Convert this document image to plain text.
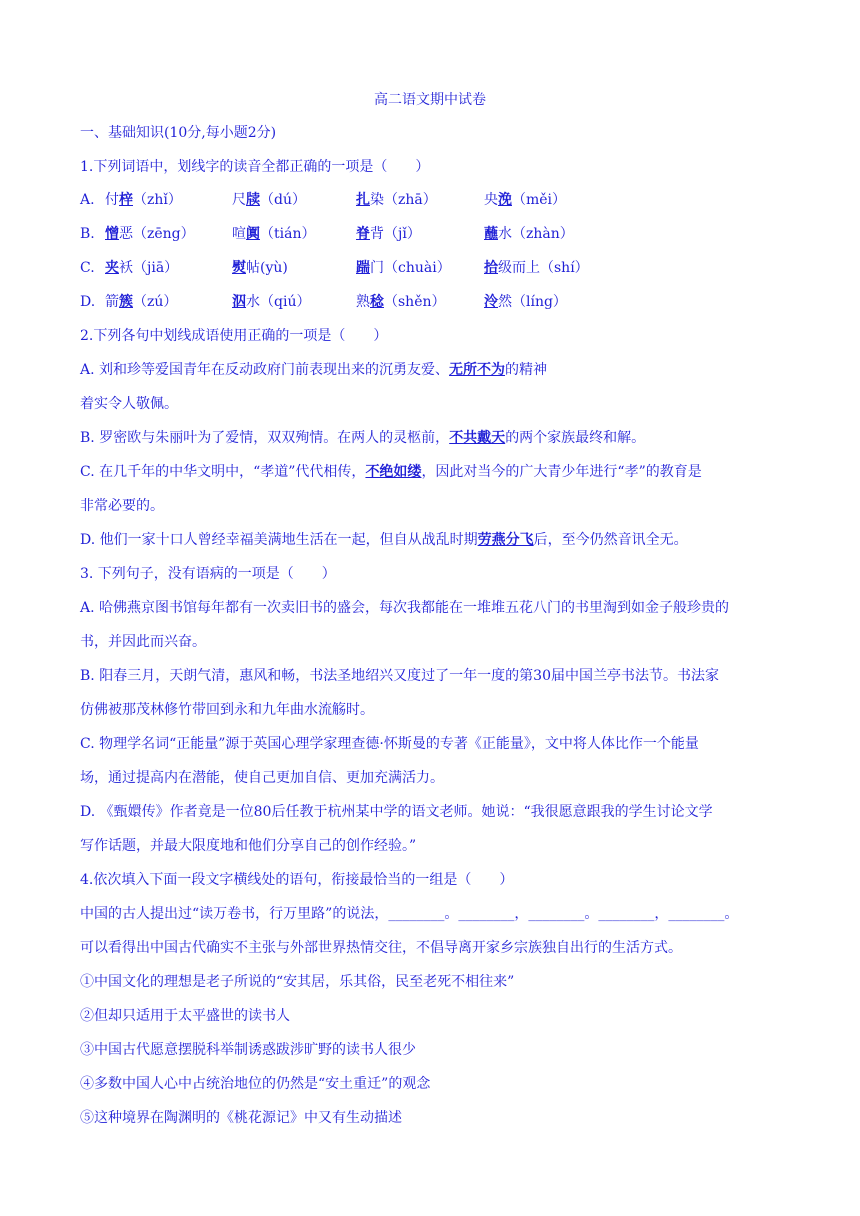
高二语文期中试卷
一、基础知识(10分,每小题2分)
1.下列词语中，划线字的读音全都正确的一项是（　　）
A. 付梓（zhǐ）	尺牍（dú）	扎染（zhā）	央浼（měi）
B. 憎恶（zēng）	喧阗（tián）	脊背（jǐ）	蘸水（zhàn）
C. 夹袄（jiā）	熨帖(yù)	踹门（chuài） 拾级而上（shí）
D. 箭簇（zú）	泅水（qiú）	熟稔（shěn）	泠然（líng）
2.下列各句中划线成语使用正确的一项是（　　）
A. 刘和珍等爱国青年在反动政府门前表现出来的沉勇友爱、无所不为的精神
着实令人敬佩。
B. 罗密欧与朱丽叶为了爱情，双双殉情。在两人的灵柩前，不共戴天的两个家族最终和解。
C. 在几千年的中华文明中，“孝道”代代相传，不绝如缕，因此对当今的广大青少年进行“孝”的教育是
非常必要的。
D. 他们一家十口人曾经幸福美满地生活在一起，但自从战乱时期劳燕分飞后，至今仍然音讯全无。
3. 下列句子，没有语病的一项是（　　）
A. 哈佛燕京图书馆每年都有一次卖旧书的盛会，每次我都能在一堆堆五花八门的书里淘到如金子般珍贵的
书，并因此而兴奋。
B. 阳春三月，天朗气清，惠风和畅，书法圣地绍兴又度过了一年一度的第30届中国兰亭书法节。书法家
仿佛被那茂林修竹带回到永和九年曲水流觞时。
C. 物理学名词“正能量”源于英国心理学家理查德·怀斯曼的专著《正能量》，文中将人体比作一个能量
场，通过提高内在潜能，使自己更加自信、更加充满活力。
D. 《甄嬛传》作者竟是一位80后任教于杭州某中学的语文老师。她说：“我很愿意跟我的学生讨论文学
写作话题，并最大限度地和他们分享自己的创作经验。”
4.依次填入下面一段文字横线处的语句，衔接最恰当的一组是（　　）
中国的古人提出过“读万卷书，行万里路”的说法，________。________，________。________，________。
可以看得出中国古代确实不主张与外部世界热情交往，不倡导离开家乡宗族独自出行的生活方式。
①中国文化的理想是老子所说的“安其居，乐其俗，民至老死不相往来”
②但却只适用于太平盛世的读书人
③中国古代愿意摆脱科举制诱惑跋涉旷野的读书人很少
④多数中国人心中占统治地位的仍然是“安土重迁”的观念
⑤这种境界在陶渊明的《桃花源记》中又有生动描述
